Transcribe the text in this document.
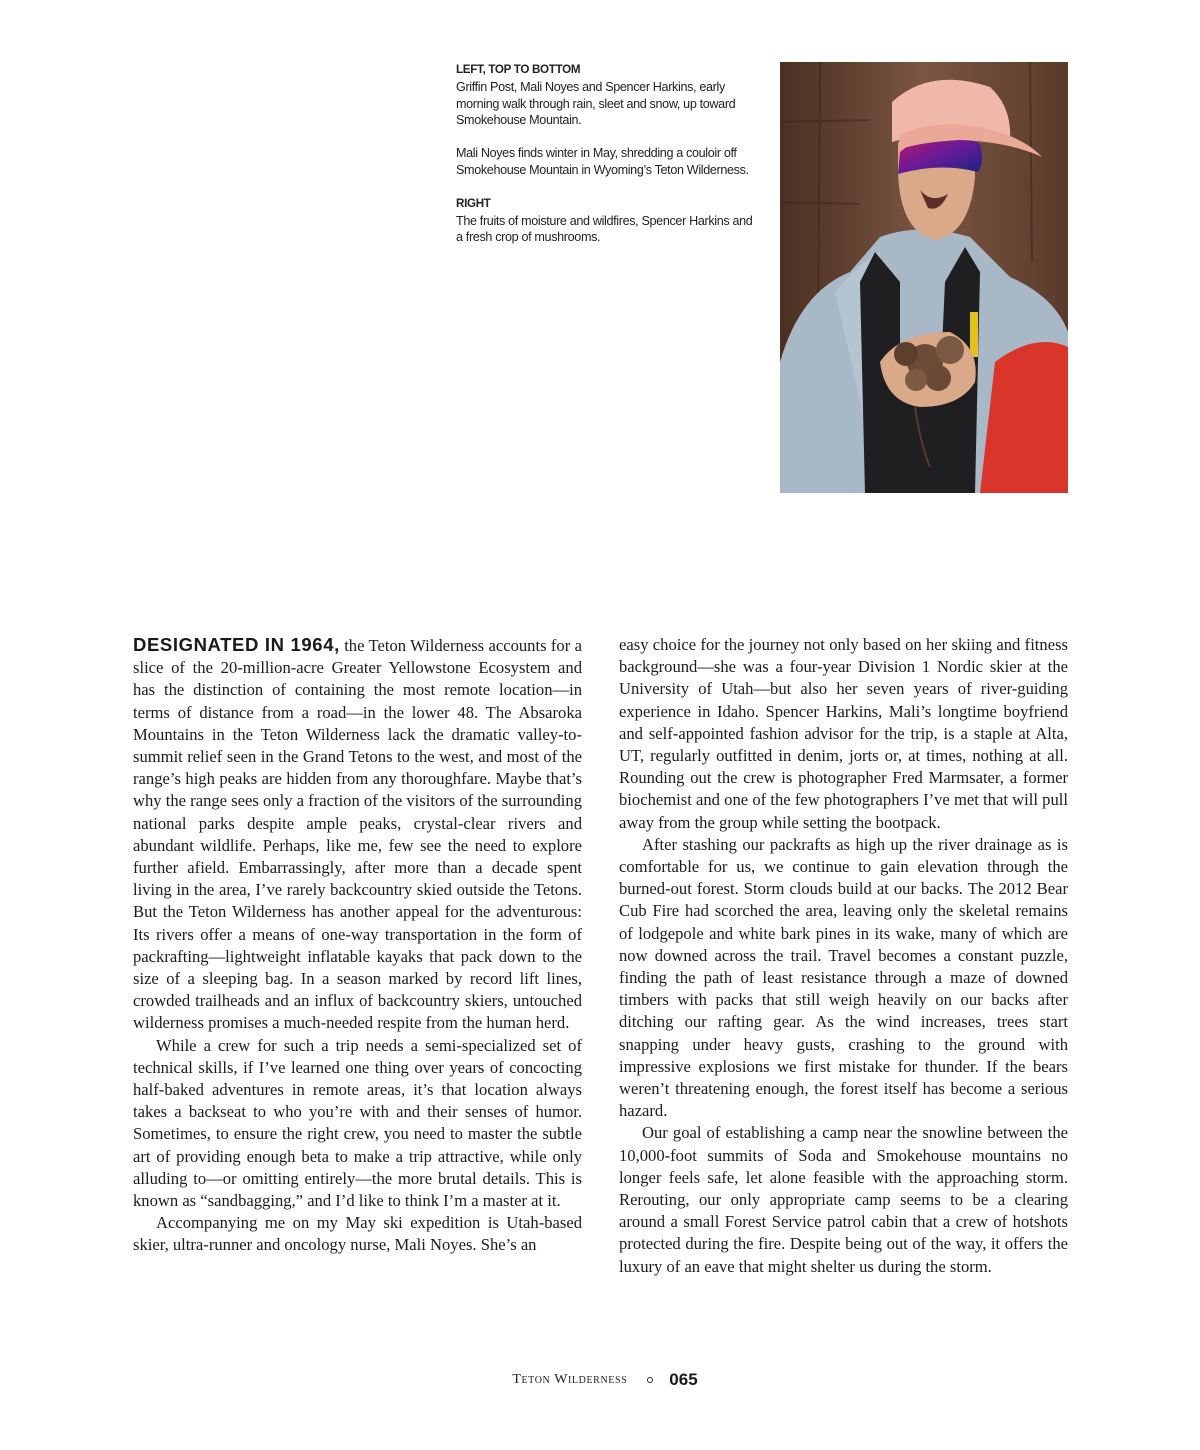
LEFT, TOP TO BOTTOM
Griffin Post, Mali Noyes and Spencer Harkins, early morning walk through rain, sleet and snow, up toward Smokehouse Mountain.

Mali Noyes finds winter in May, shredding a couloir off Smokehouse Mountain in Wyoming’s Teton Wilderness.

RIGHT
The fruits of moisture and wildfires, Spencer Harkins and a fresh crop of mushrooms.

DESIGNATED IN 1964, the Teton Wilderness accounts for a slice of the 20-million-acre Greater Yellowstone Ecosystem and has the distinction of containing the most remote location—in terms of distance from a road—in the lower 48. The Absaroka Mountains in the Teton Wilderness lack the dramatic valley-to-summit relief seen in the Grand Tetons to the west, and most of the range’s high peaks are hidden from any thoroughfare. Maybe that’s why the range sees only a fraction of the visitors of the surrounding national parks despite ample peaks, crystal-clear rivers and abundant wildlife. Perhaps, like me, few see the need to explore further afield. Embarrassingly, after more than a decade spent living in the area, I’ve rarely backcountry skied outside the Tetons. But the Teton Wilderness has another appeal for the adventurous: Its rivers offer a means of one-way transportation in the form of packrafting—lightweight inflatable kayaks that pack down to the size of a sleeping bag. In a season marked by record lift lines, crowded trailheads and an influx of backcountry skiers, untouched wilderness promises a much-needed respite from the human herd.

While a crew for such a trip needs a semi-specialized set of technical skills, if I’ve learned one thing over years of concocting half-baked adventures in remote areas, it’s that location always takes a backseat to who you’re with and their senses of humor. Sometimes, to ensure the right crew, you need to master the subtle art of providing enough beta to make a trip attractive, while only alluding to—or omitting entirely—the more brutal details. This is known as “sandbagging,” and I’d like to think I’m a master at it.

Accompanying me on my May ski expedition is Utah-based skier, ultra-runner and oncology nurse, Mali Noyes. She’s an

easy choice for the journey not only based on her skiing and fitness background—she was a four-year Division 1 Nordic skier at the University of Utah—but also her seven years of river-guiding experience in Idaho. Spencer Harkins, Mali’s longtime boyfriend and self-appointed fashion advisor for the trip, is a staple at Alta, UT, regularly outfitted in denim, jorts or, at times, nothing at all. Rounding out the crew is photographer Fred Marmsater, a former biochemist and one of the few photographers I’ve met that will pull away from the group while setting the bootpack.

After stashing our packrafts as high up the river drainage as is comfortable for us, we continue to gain elevation through the burned-out forest. Storm clouds build at our backs. The 2012 Bear Cub Fire had scorched the area, leaving only the skeletal remains of lodgepole and white bark pines in its wake, many of which are now downed across the trail. Travel becomes a constant puzzle, finding the path of least resistance through a maze of downed timbers with packs that still weigh heavily on our backs after ditching our rafting gear. As the wind increases, trees start snapping under heavy gusts, crashing to the ground with impressive explosions we first mistake for thunder. If the bears weren’t threatening enough, the forest itself has become a serious hazard.

Our goal of establishing a camp near the snowline between the 10,000-foot summits of Soda and Smokehouse mountains no longer feels safe, let alone feasible with the approaching storm. Rerouting, our only appropriate camp seems to be a clearing around a small Forest Service patrol cabin that a crew of hotshots protected during the fire. Despite being out of the way, it offers the luxury of an eave that might shelter us during the storm.

Teton Wilderness 065
